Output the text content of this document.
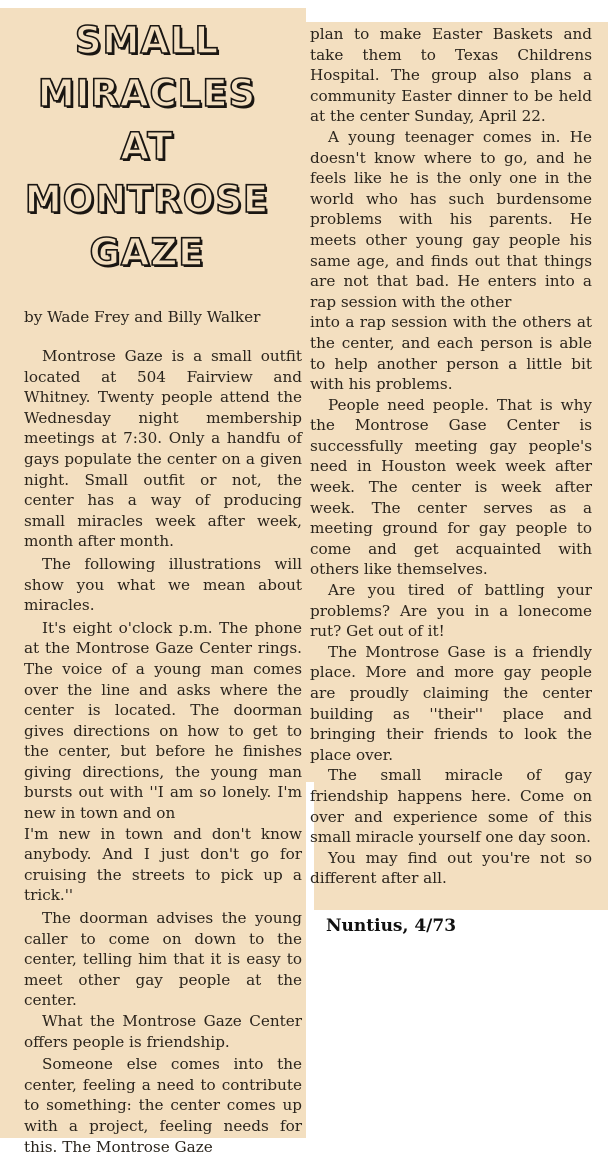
SMALL
MIRACLES
AT
MONTROSE
GAZE
by Wade Frey and Billy Walker

Montrose Gaze is a small outfit located at 504 Fairview and Whitney. Twenty people attend the Wednesday night membership meetings at 7:30. Only a handfu of gays populate the center on a given night. Small outfit or not, the center has a way of producing small miracles week after week, month after month.

The following illustrations will show you what we mean about miracles.

It's eight o'clock p.m. The phone at the Montrose Gaze Center rings. The voice of a young man comes over the line and asks where the center is located. The doorman gives directions on how to get to the center, but before he finishes giving directions, the young man bursts out with ''I am so lonely. I'm new in town and on

I'm new in town and don't know anybody. And I just don't go for cruising the streets to pick up a trick.''

The doorman advises the young caller to come on down to the center, telling him that it is easy to meet other gay people at the center.

What the Montrose Gaze Center offers people is friendship.

Someone else comes into the center, feeling a need to contribute to something: the center comes up with a project, feeling needs for this. The Montrose Gaze

plan to make Easter Baskets and take them to Texas Childrens Hospital. The group also plans a community Easter dinner to be held at the center Sunday, April 22.

A young teenager comes in. He doesn't know where to go, and he feels like he is the only one in the world who has such burdensome problems with his parents. He meets other young gay people his same age, and finds out that things are not that bad. He enters into a rap session with the other

into a rap session with the others at the center, and each person is able to help another person a little bit with his problems.

People need people. That is why the Montrose Gase Center is successfully meeting gay people's need in Houston week week after week. The center is week after week. The center serves as a meeting ground for gay people to come and get acquainted with others like themselves.

Are you tired of battling your problems? Are you in a lonecome rut? Get out of it!

The Montrose Gase is a friendly place. More and more gay people are proudly claiming the center building as ''their'' place and bringing their friends to look the place over.

The small miracle of gay friendship happens here. Come on over and experience some of this small miracle yourself one day soon.

You may find out you're not so different after all.

Nuntius, 4/73
